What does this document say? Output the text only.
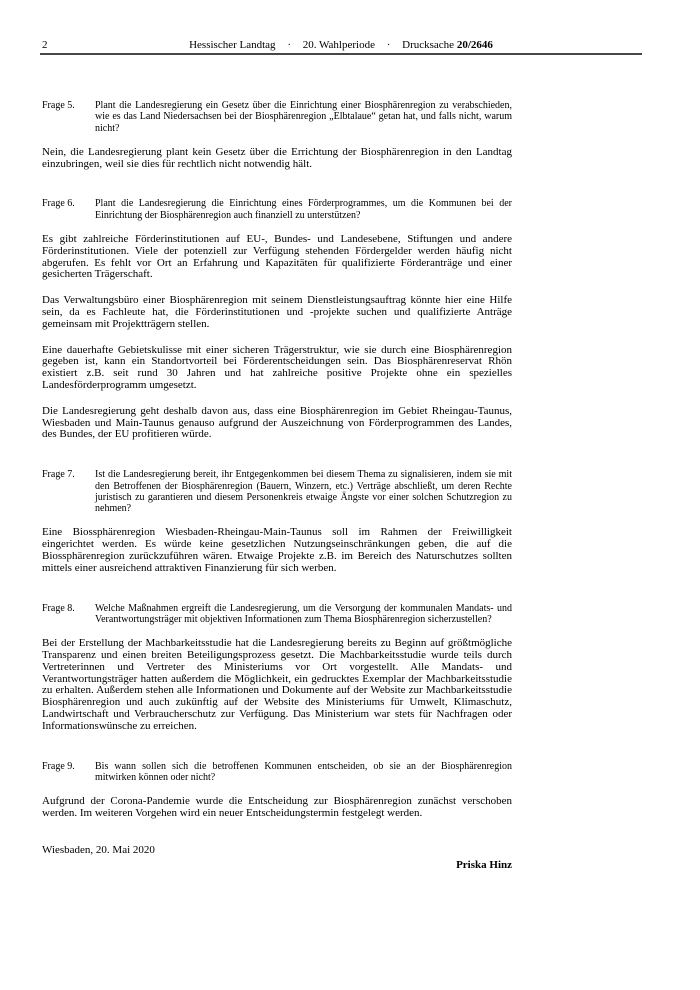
2	Hessischer Landtag · 20. Wahlperiode · Drucksache 20/2646
Frage 5.	Plant die Landesregierung ein Gesetz über die Einrichtung einer Biosphärenregion zu verabschieden, wie es das Land Niedersachsen bei der Biosphärenregion „Elbtalaue“ getan hat, und falls nicht, warum nicht?

Nein, die Landesregierung plant kein Gesetz über die Errichtung der Biosphärenregion in den Landtag einzubringen, weil sie dies für rechtlich nicht notwendig hält.

Frage 6.	Plant die Landesregierung die Einrichtung eines Förderprogrammes, um die Kommunen bei der Einrichtung der Biosphärenregion auch finanziell zu unterstützen?

Es gibt zahlreiche Förderinstitutionen auf EU-, Bundes- und Landesebene, Stiftungen und andere Förderinstitutionen. Viele der potenziell zur Verfügung stehenden Fördergelder werden häufig nicht abgerufen. Es fehlt vor Ort an Erfahrung und Kapazitäten für qualifizierte Förderanträge und einer gesicherten Trägerschaft.

Das Verwaltungsbüro einer Biosphärenregion mit seinem Dienstleistungsauftrag könnte hier eine Hilfe sein, da es Fachleute hat, die Förderinstitutionen und -projekte suchen und qualifizierte Anträge gemeinsam mit Projektträgern stellen.

Eine dauerhafte Gebietskulisse mit einer sicheren Trägerstruktur, wie sie durch eine Biosphärenregion gegeben ist, kann ein Standortvorteil bei Förderentscheidungen sein. Das Biosphärenreservat Rhön existiert z.B. seit rund 30 Jahren und hat zahlreiche positive Projekte ohne ein spezielles Landesförderprogramm umgesetzt.

Die Landesregierung geht deshalb davon aus, dass eine Biosphärenregion im Gebiet Rheingau-Taunus, Wiesbaden und Main-Taunus genauso aufgrund der Auszeichnung von Förderprogrammen des Landes, des Bundes, der EU profitieren würde.

Frage 7.	Ist die Landesregierung bereit, ihr Entgegenkommen bei diesem Thema zu signalisieren, indem sie mit den Betroffenen der Biosphärenregion (Bauern, Winzern, etc.) Verträge abschließt, um deren Rechte juristisch zu garantieren und diesem Personenkreis etwaige Ängste vor einer solchen Schutzregion zu nehmen?

Eine Biossphärenregion Wiesbaden-Rheingau-Main-Taunus soll im Rahmen der Freiwilligkeit eingerichtet werden. Es würde keine gesetzlichen Nutzungseinschränkungen geben, die auf die Biossphärenregion zurückzuführen wären. Etwaige Projekte z.B. im Bereich des Naturschutzes sollten mittels einer ausreichend attraktiven Finanzierung für sich werben.

Frage 8.	Welche Maßnahmen ergreift die Landesregierung, um die Versorgung der kommunalen Mandats- und Verantwortungsträger mit objektiven Informationen zum Thema Biosphärenregion sicherzustellen?

Bei der Erstellung der Machbarkeitsstudie hat die Landesregierung bereits zu Beginn auf größtmögliche Transparenz und einen breiten Beteiligungsprozess gesetzt. Die Machbarkeitsstudie wurde teils durch Vertreterinnen und Vertreter des Ministeriums vor Ort vorgestellt. Alle Mandats- und Verantwortungsträger hatten außerdem die Möglichkeit, ein gedrucktes Exemplar der Machbarkeitsstudie zu erhalten. Außerdem stehen alle Informationen und Dokumente auf der Website zur Machbarkeitsstudie Biosphärenregion und auch zukünftig auf der Website des Ministeriums für Umwelt, Klimaschutz, Landwirtschaft und Verbraucherschutz zur Verfügung. Das Ministerium war stets für Nachfragen oder Informationswünsche zu erreichen.

Frage 9.	Bis wann sollen sich die betroffenen Kommunen entscheiden, ob sie an der Biosphärenregion mitwirken können oder nicht?

Aufgrund der Corona-Pandemie wurde die Entscheidung zur Biosphärenregion zunächst verschoben werden. Im weiteren Vorgehen wird ein neuer Entscheidungstermin festgelegt werden.

Wiesbaden, 20. Mai 2020

Priska Hinz
